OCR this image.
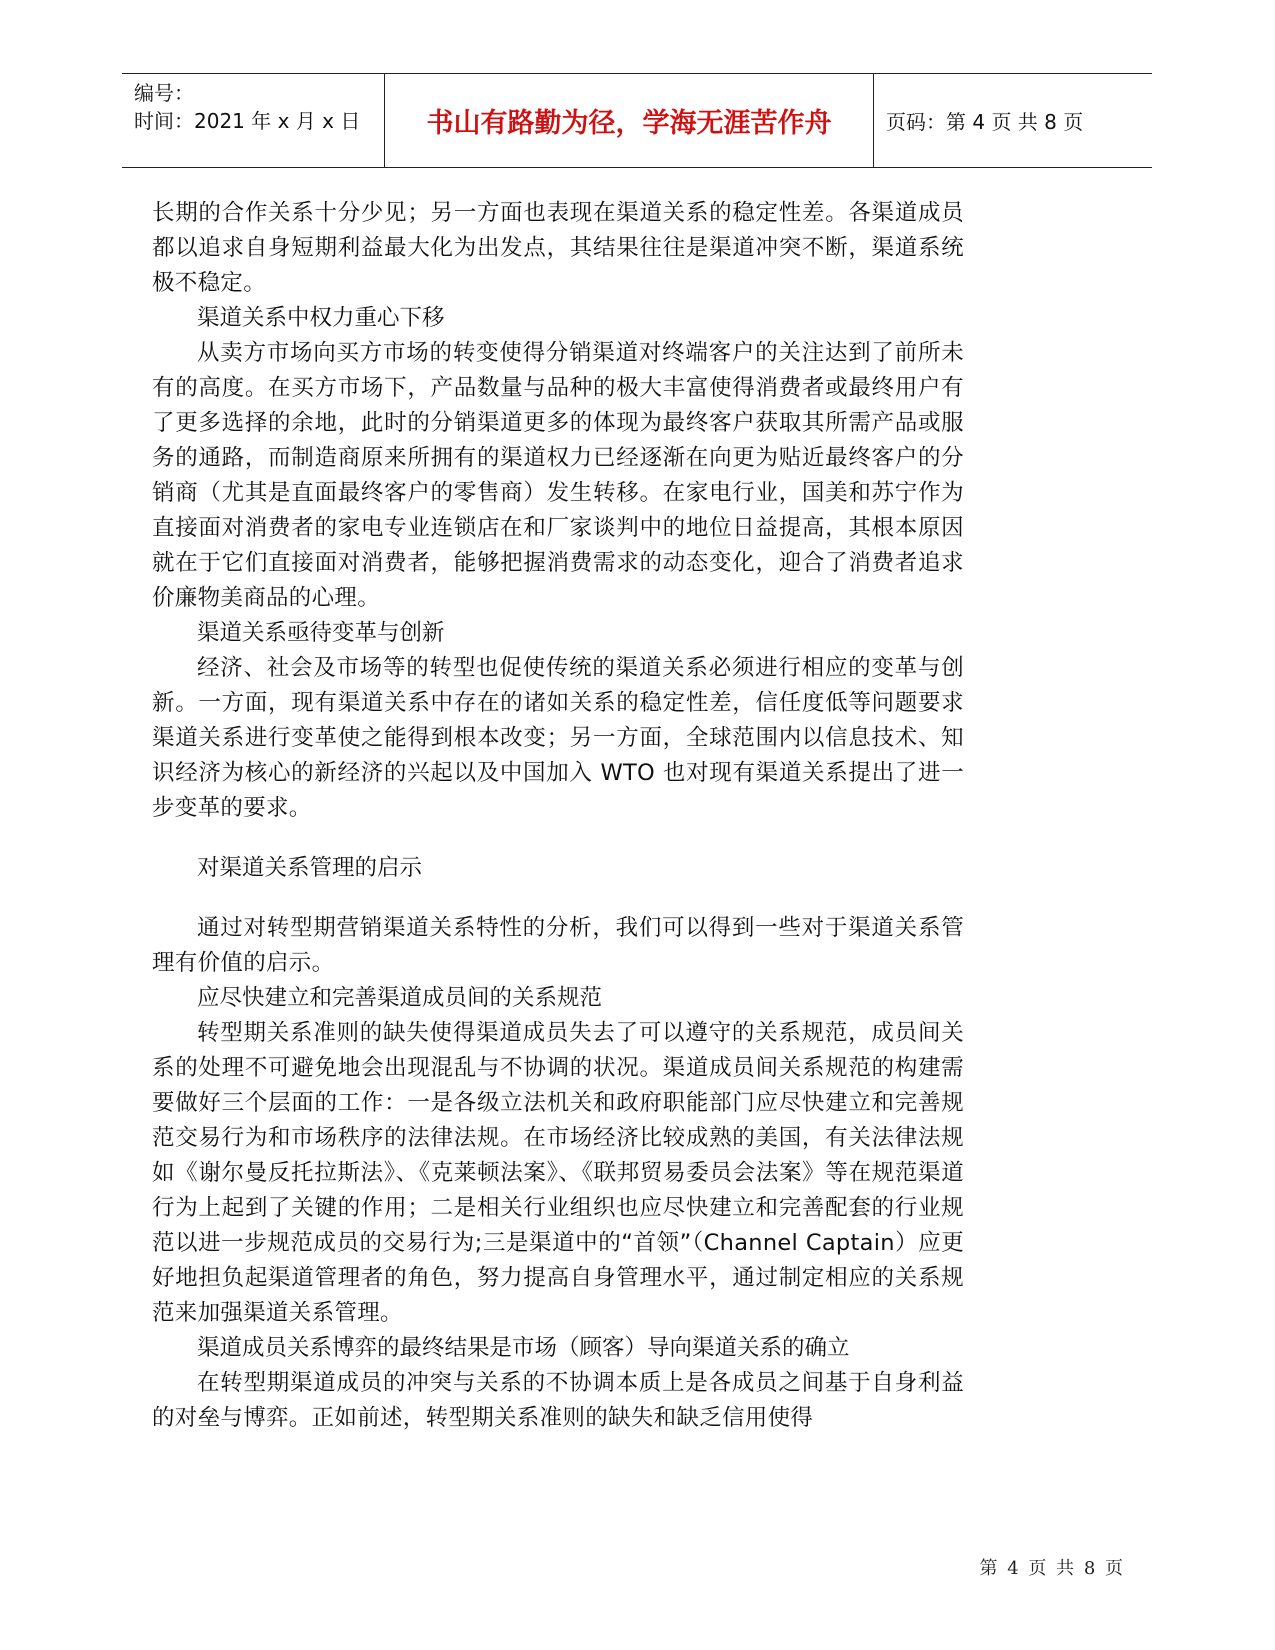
编号：
时间：2021 年 x 月 x 日	书山有路勤为径，学海无涯苦作舟	页码：第 4 页 共 8 页

长期的合作关系十分少见；另一方面也表现在渠道关系的稳定性差。各渠道成员都以追求自身短期利益最大化为出发点，其结果往往是渠道冲突不断，渠道系统极不稳定。

渠道关系中权力重心下移

从卖方市场向买方市场的转变使得分销渠道对终端客户的关注达到了前所未有的高度。在买方市场下，产品数量与品种的极大丰富使得消费者或最终用户有了更多选择的余地，此时的分销渠道更多的体现为最终客户获取其所需产品或服务的通路，而制造商原来所拥有的渠道权力已经逐渐在向更为贴近最终客户的分销商（尤其是直面最终客户的零售商）发生转移。在家电行业，国美和苏宁作为直接面对消费者的家电专业连锁店在和厂家谈判中的地位日益提高，其根本原因就在于它们直接面对消费者，能够把握消费需求的动态变化，迎合了消费者追求价廉物美商品的心理。

渠道关系亟待变革与创新

经济、社会及市场等的转型也促使传统的渠道关系必须进行相应的变革与创新。一方面，现有渠道关系中存在的诸如关系的稳定性差，信任度低等问题要求渠道关系进行变革使之能得到根本改变；另一方面，全球范围内以信息技术、知识经济为核心的新经济的兴起以及中国加入 WTO 也对现有渠道关系提出了进一步变革的要求。

对渠道关系管理的启示

通过对转型期营销渠道关系特性的分析，我们可以得到一些对于渠道关系管理有价值的启示。

应尽快建立和完善渠道成员间的关系规范

转型期关系准则的缺失使得渠道成员失去了可以遵守的关系规范，成员间关系的处理不可避免地会出现混乱与不协调的状况。渠道成员间关系规范的构建需要做好三个层面的工作：一是各级立法机关和政府职能部门应尽快建立和完善规范交易行为和市场秩序的法律法规。在市场经济比较成熟的美国，有关法律法规如《谢尔曼反托拉斯法》、《克莱顿法案》、《联邦贸易委员会法案》等在规范渠道行为上起到了关键的作用；二是相关行业组织也应尽快建立和完善配套的行业规范以进一步规范成员的交易行为;三是渠道中的“首领”（Channel Captain）应更好地担负起渠道管理者的角色，努力提高自身管理水平，通过制定相应的关系规范来加强渠道关系管理。

渠道成员关系博弈的最终结果是市场（顾客）导向渠道关系的确立

在转型期渠道成员的冲突与关系的不协调本质上是各成员之间基于自身利益的对垒与博弈。正如前述，转型期关系准则的缺失和缺乏信用使得

第 4 页 共 8 页
